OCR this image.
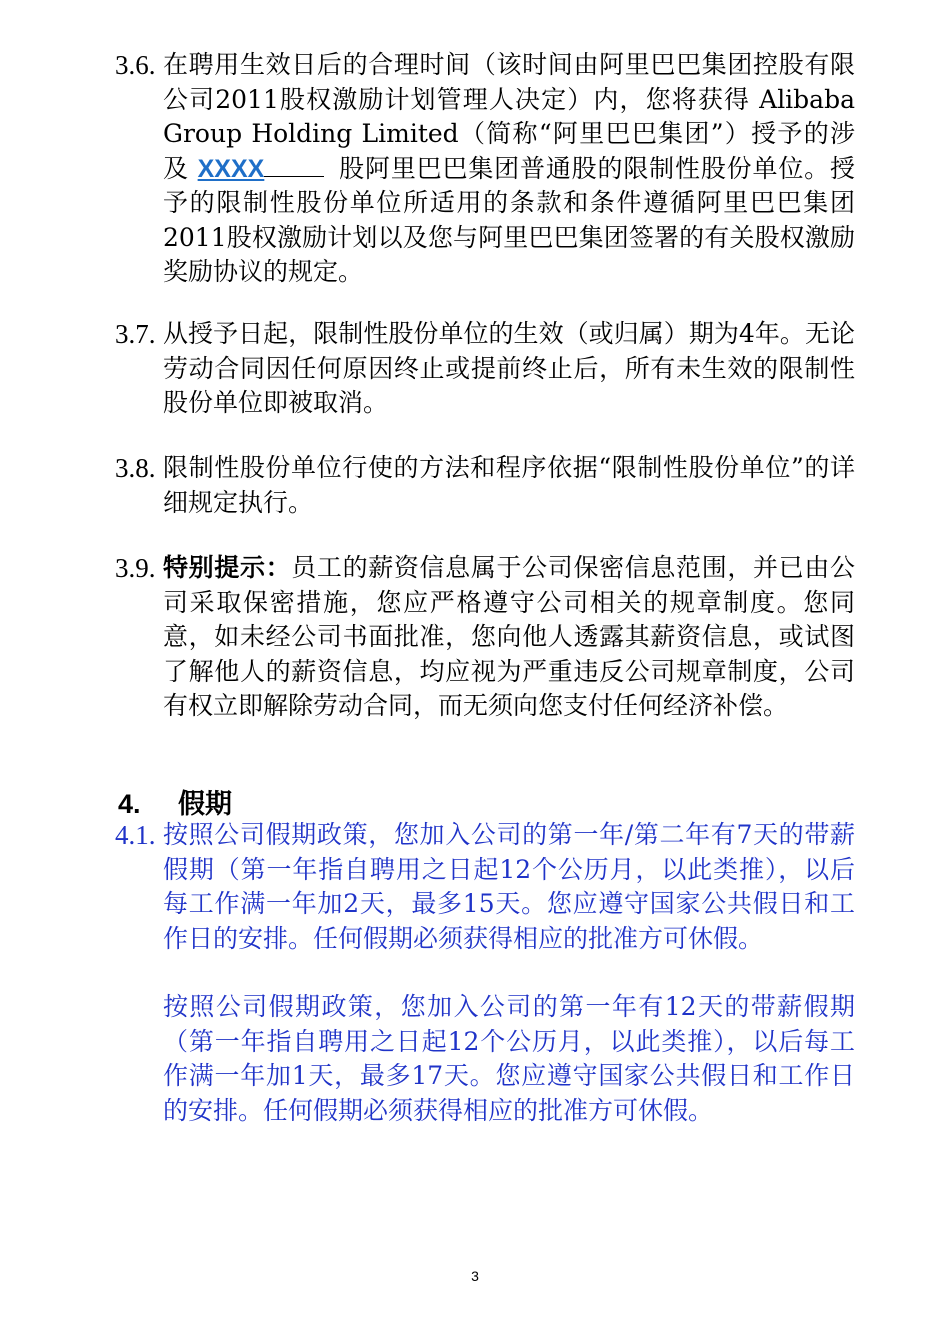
3.6. 在聘用生效日后的合理时间（该时间由阿里巴巴集团控股有限公司2011股权激励计划管理人决定）内，您将获得 Alibaba Group Holding Limited（简称“阿里巴巴集团”）授予的涉及 XXXX	股阿里巴巴集团普通股的限制性股份单位。授予的限制性股份单位所适用的条款和条件遵循阿里巴巴集团2011股权激励计划以及您与阿里巴巴集团签署的有关股权激励奖励协议的规定。
3.7. 从授予日起，限制性股份单位的生效（或归属）期为4年。无论劳动合同因任何原因终止或提前终止后，所有未生效的限制性股份单位即被取消。
3.8. 限制性股份单位行使的方法和程序依据“限制性股份单位”的详细规定执行。
3.9. 特别提示：员工的薪资信息属于公司保密信息范围，并已由公司采取保密措施，您应严格遵守公司相关的规章制度。您同意，如未经公司书面批准，您向他人透露其薪资信息，或试图了解他人的薪资信息，均应视为严重违反公司规章制度，公司有权立即解除劳动合同，而无须向您支付任何经济补偿。
4. 假期
4.1. 按照公司假期政策，您加入公司的第一年/第二年有7天的带薪假期（第一年指自聘用之日起12个公历月，以此类推），以后每工作满一年加2天，最多15天。您应遵守国家公共假日和工作日的安排。任何假期必须获得相应的批准方可休假。
按照公司假期政策，您加入公司的第一年有12天的带薪假期（第一年指自聘用之日起12个公历月，以此类推），以后每工作满一年加1天，最多17天。您应遵守国家公共假日和工作日的安排。任何假期必须获得相应的批准方可休假。
3
